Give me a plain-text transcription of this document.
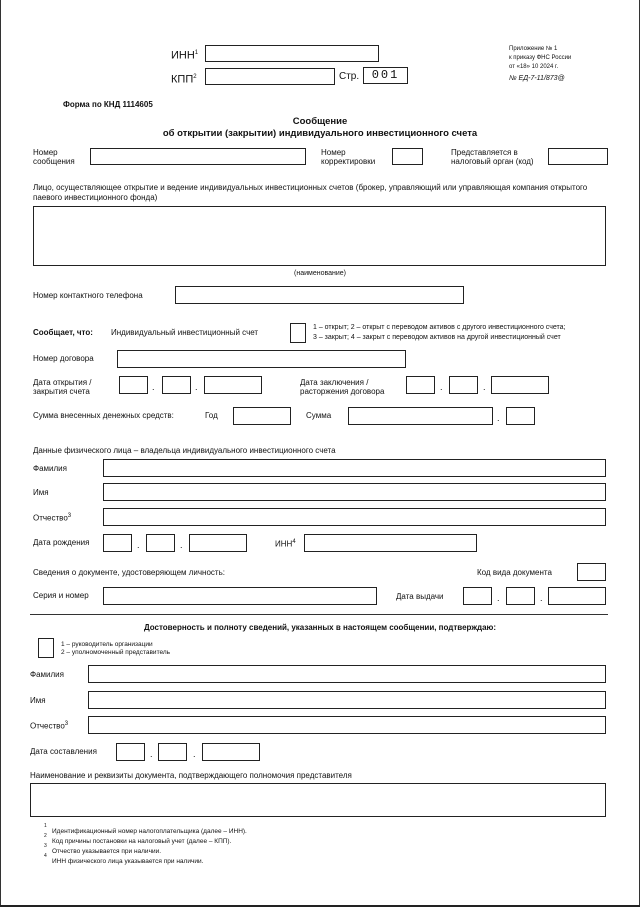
ИНН$^1$
КПП$^2$	Стр.	001
Приложение № 1
к приказу ФНС России
от «18» 10 2024 г.
№ ЕД-7-11/873@
Форма по КНД 1114605
Сообщение
об открытии (закрытии) индивидуального инвестиционного счета
Номер сообщения
Номер корректировки
Представляется в налоговый орган (код)
Лицо, осуществляющее открытие и ведение индивидуальных инвестиционных счетов (брокер, управляющий или управляющая компания открытого паевого инвестиционного фонда)
(наименование)
Номер контактного телефона
Сообщает, что: Индивидуальный инвестиционный счет
1 – открыт; 2 – открыт с переводом активов с другого инвестиционного счета;
3 – закрыт; 4 – закрыт с переводом активов на другой инвестиционный счет
Номер договора
Дата открытия / закрытия счета	.	.	Дата заключения / расторжения договора	.	.
Сумма внесенных денежных средств:	Год	Сумма	.
Данные физического лица – владельца индивидуального инвестиционного счета
Фамилия
Имя
Отчество$^3$
Дата рождения	.	.	ИНН$^4$
Сведения о документе, удостоверяющем личность:	Код вида документа
Серия и номер	Дата выдачи	.	.
Достоверность и полноту сведений, указанных в настоящем сообщении, подтверждаю:
1 – руководитель организации
2 – уполномоченный представитель
Фамилия
Имя
Отчество$^3$
Дата составления	.	.
Наименование и реквизиты документа, подтверждающего полномочия представителя
1
Идентификационный номер налогоплательщика (далее – ИНН).
2
Код причины постановки на налоговый учет (далее – КПП).
3
Отчество указывается при наличии.
4
ИНН физического лица указывается при наличии.
